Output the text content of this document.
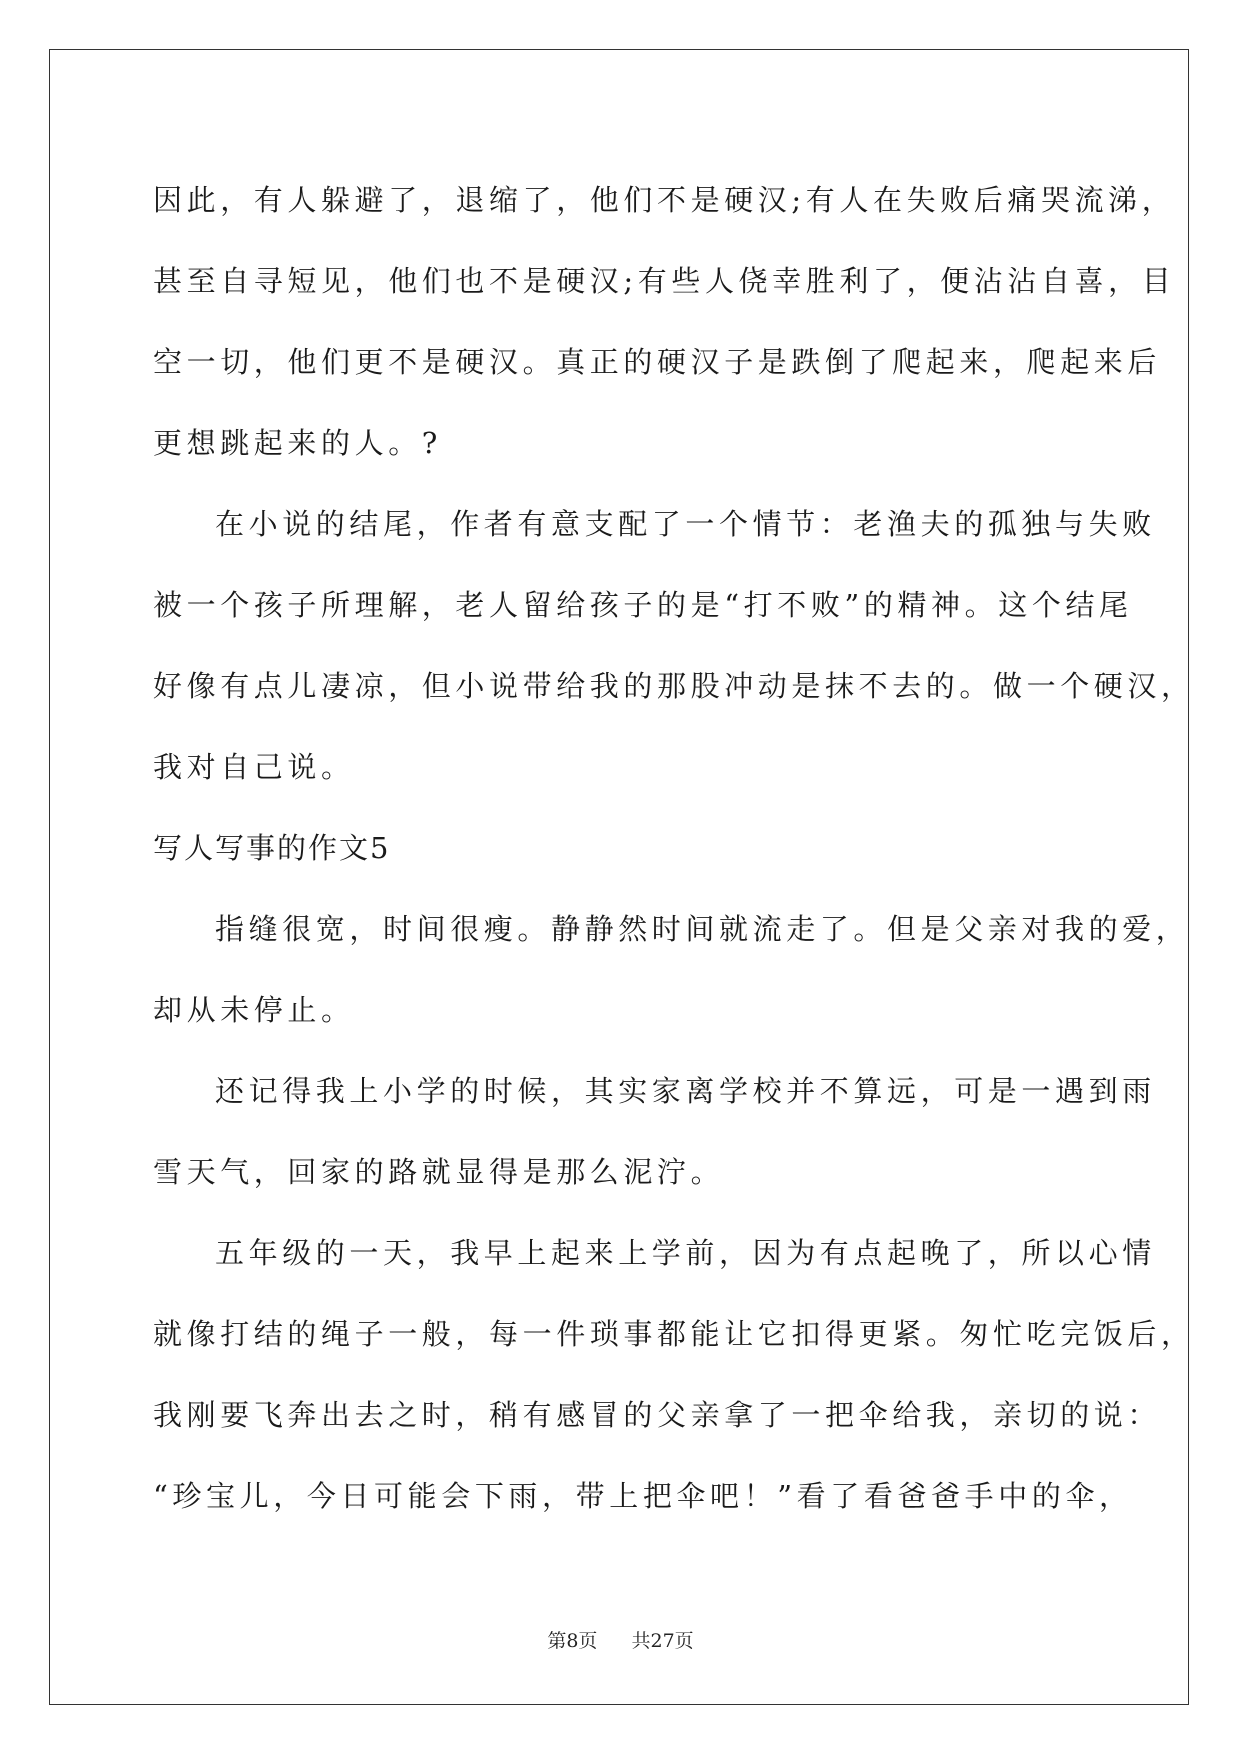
因此，有人躲避了，退缩了，他们不是硬汉;有人在失败后痛哭流涕，

甚至自寻短见，他们也不是硬汉;有些人侥幸胜利了，便沾沾自喜，目

空一切，他们更不是硬汉。真正的硬汉子是跌倒了爬起来，爬起来后

更想跳起来的人。?

在小说的结尾，作者有意支配了一个情节：老渔夫的孤独与失败

被一个孩子所理解，老人留给孩子的是“打不败”的精神。这个结尾

好像有点儿凄凉，但小说带给我的那股冲动是抹不去的。做一个硬汉，

我对自己说。

写人写事的作文5

指缝很宽，时间很瘦。静静然时间就流走了。但是父亲对我的爱，

却从未停止。

还记得我上小学的时候，其实家离学校并不算远，可是一遇到雨

雪天气，回家的路就显得是那么泥泞。

五年级的一天，我早上起来上学前，因为有点起晚了，所以心情

就像打结的绳子一般，每一件琐事都能让它扣得更紧。匆忙吃完饭后，

我刚要飞奔出去之时，稍有感冒的父亲拿了一把伞给我，亲切的说：

“珍宝儿，今日可能会下雨，带上把伞吧！”看了看爸爸手中的伞，

第8页 共27页
